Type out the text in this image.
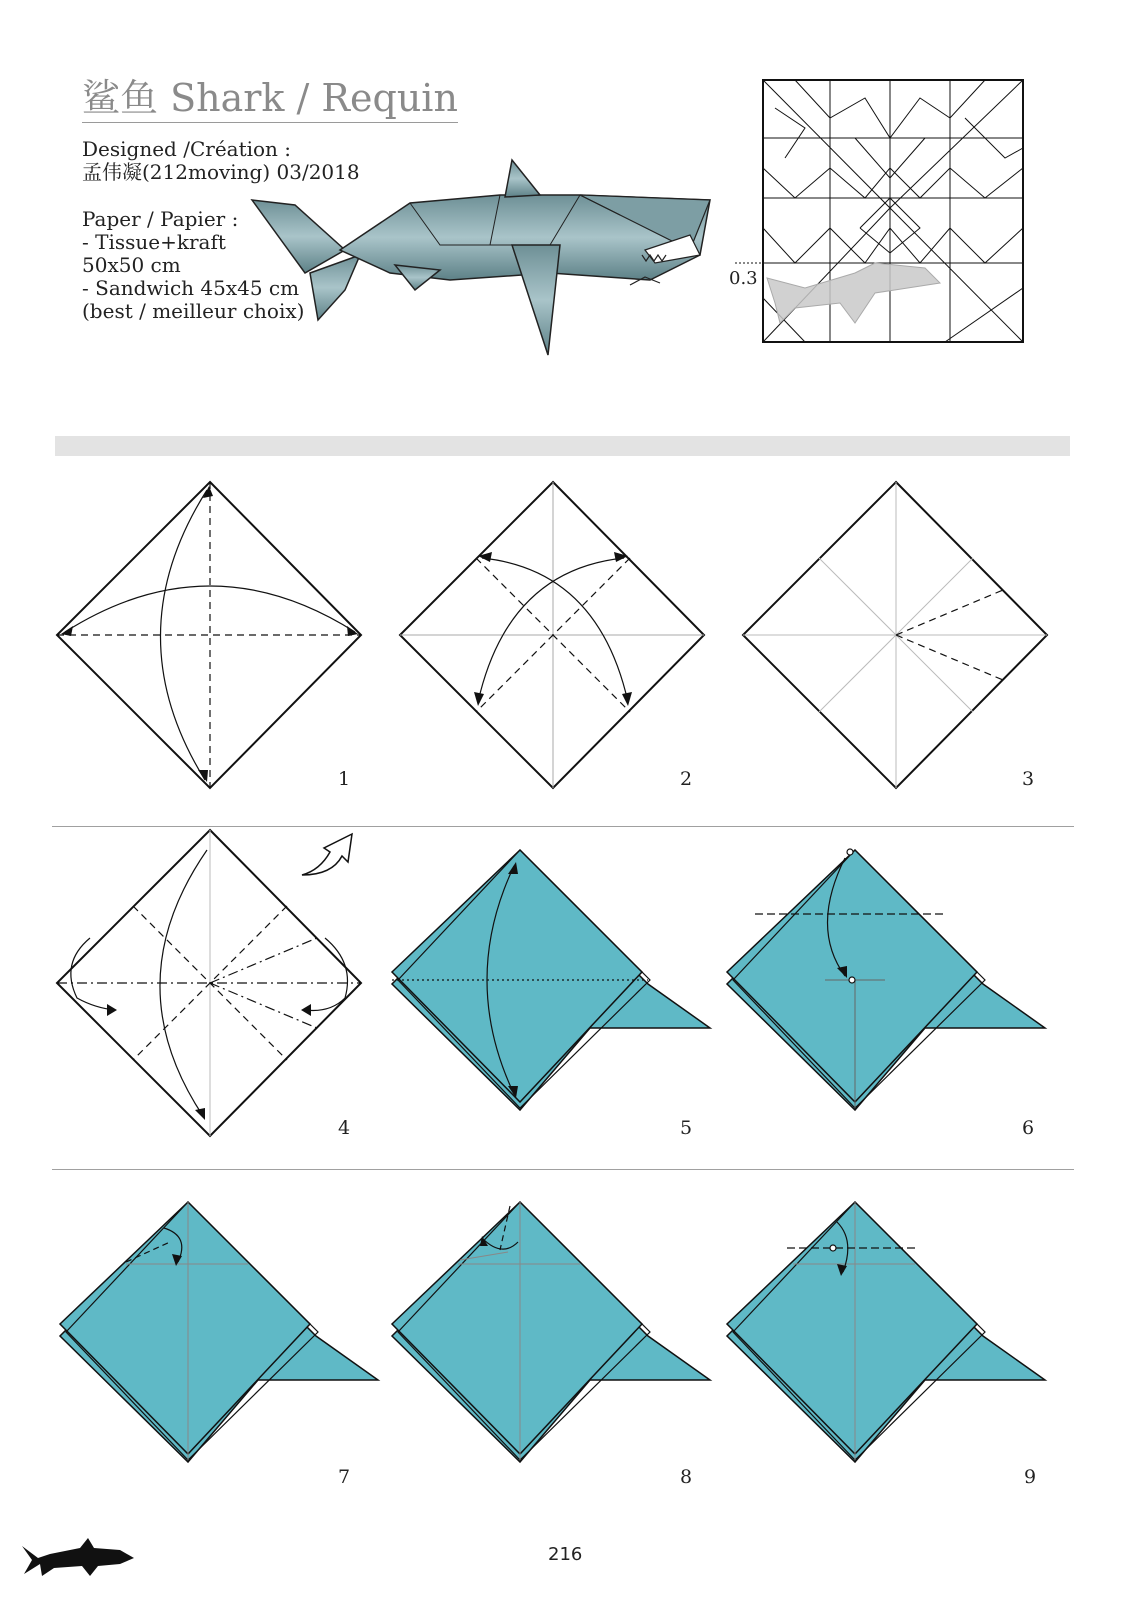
鲨鱼 Shark / Requin
Designed /Création :
孟伟凝(212moving) 03/2018
Paper / Papier :
- Tissue+kraft
50x50 cm
- Sandwich 45x45 cm
(best / meilleur choix)
0.3
1	2	3
4	5	6
7	8	9
216
